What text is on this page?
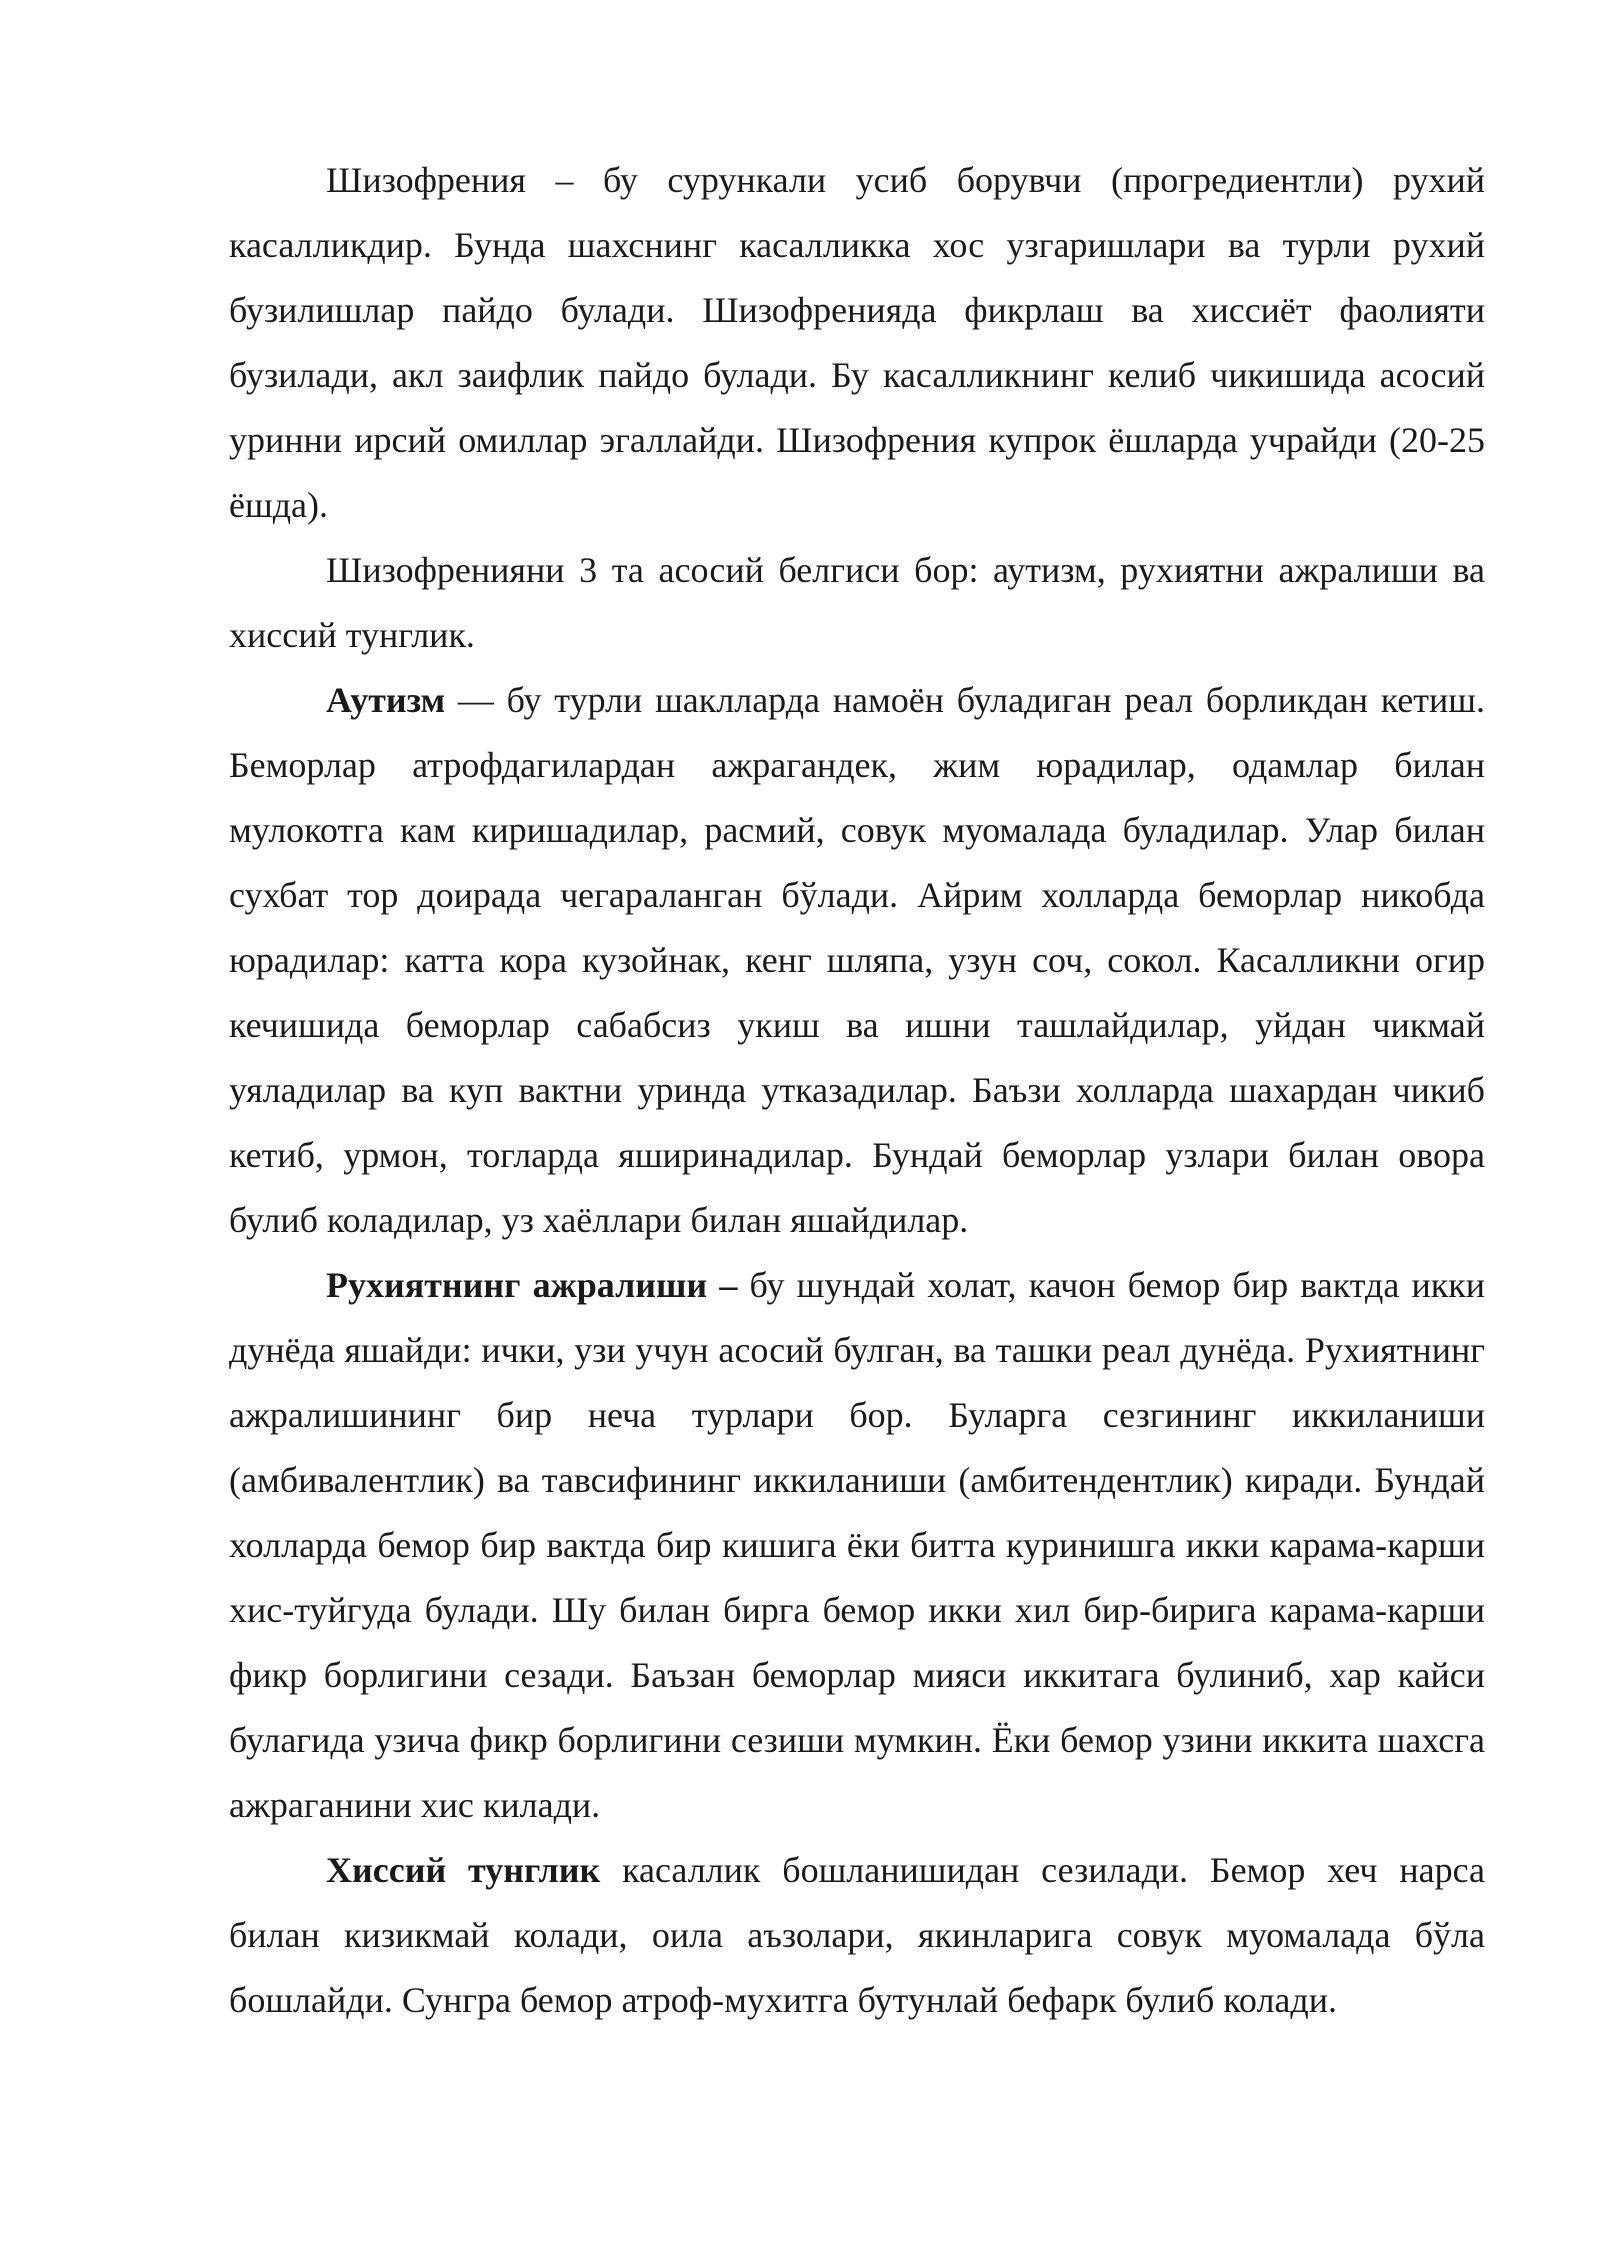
Шизофрения – бу сурункали усиб борувчи (прогредиентли) рухий касалликдир. Бунда шахснинг касалликка хос узгаришлари ва турли рухий бузилишлар пайдо булади. Шизофренияда фикрлаш ва хиссиёт фаолияти бузилади, акл заифлик пайдо булади. Бу касалликнинг келиб чикишида асосий уринни ирсий омиллар эгаллайди. Шизофрения купрок ёшларда учрайди (20-25 ёшда).

Шизофренияни 3 та асосий белгиси бор: аутизм, рухиятни ажралиши ва хиссий тунглик.

Аутизм — бу турли шаклларда намоён буладиган реал борликдан кетиш. Беморлар атрофдагилардан ажрагандек, жим юрадилар, одамлар билан мулокотга кам киришадилар, расмий, совук муомалада буладилар. Улар билан сухбат тор доирада чегараланган бўлади. Айрим холларда беморлар никобда юрадилар: катта кора кузойнак, кенг шляпа, узун соч, сокол. Касалликни огир кечишида беморлар сабабсиз укиш ва ишни ташлайдилар, уйдан чикмай уяладилар ва куп вактни уринда утказадилар. Баъзи холларда шахардан чикиб кетиб, урмон, тогларда яширинадилар. Бундай беморлар узлари билан овора булиб коладилар, уз хаёллари билан яшайдилар.

Рухиятнинг ажралиши – бу шундай холат, качон бемор бир вактда икки дунёда яшайди: ички, узи учун асосий булган, ва ташки реал дунёда. Рухиятнинг ажралишининг бир неча турлари бор. Буларга сезгининг иккиланиши (амбивалентлик) ва тавсифининг иккиланиши (амбитендентлик) киради. Бундай холларда бемор бир вактда бир кишига ёки битта куринишга икки карама-карши хис-туйгуда булади. Шу билан бирга бемор икки хил бир-бирига карама-карши фикр борлигини сезади. Баъзан беморлар мияси иккитага булиниб, хар кайси булагида узича фикр борлигини сезиши мумкин. Ёки бемор узини иккита шахсга ажраганини хис килади.

Хиссий тунглик касаллик бошланишидан сезилади. Бемор хеч нарса билан кизикмай колади, оила аъзолари, якинларига совук муомалада бўла бошлайди. Сунгра бемор атроф-мухитга бутунлай бефарк булиб колади.
